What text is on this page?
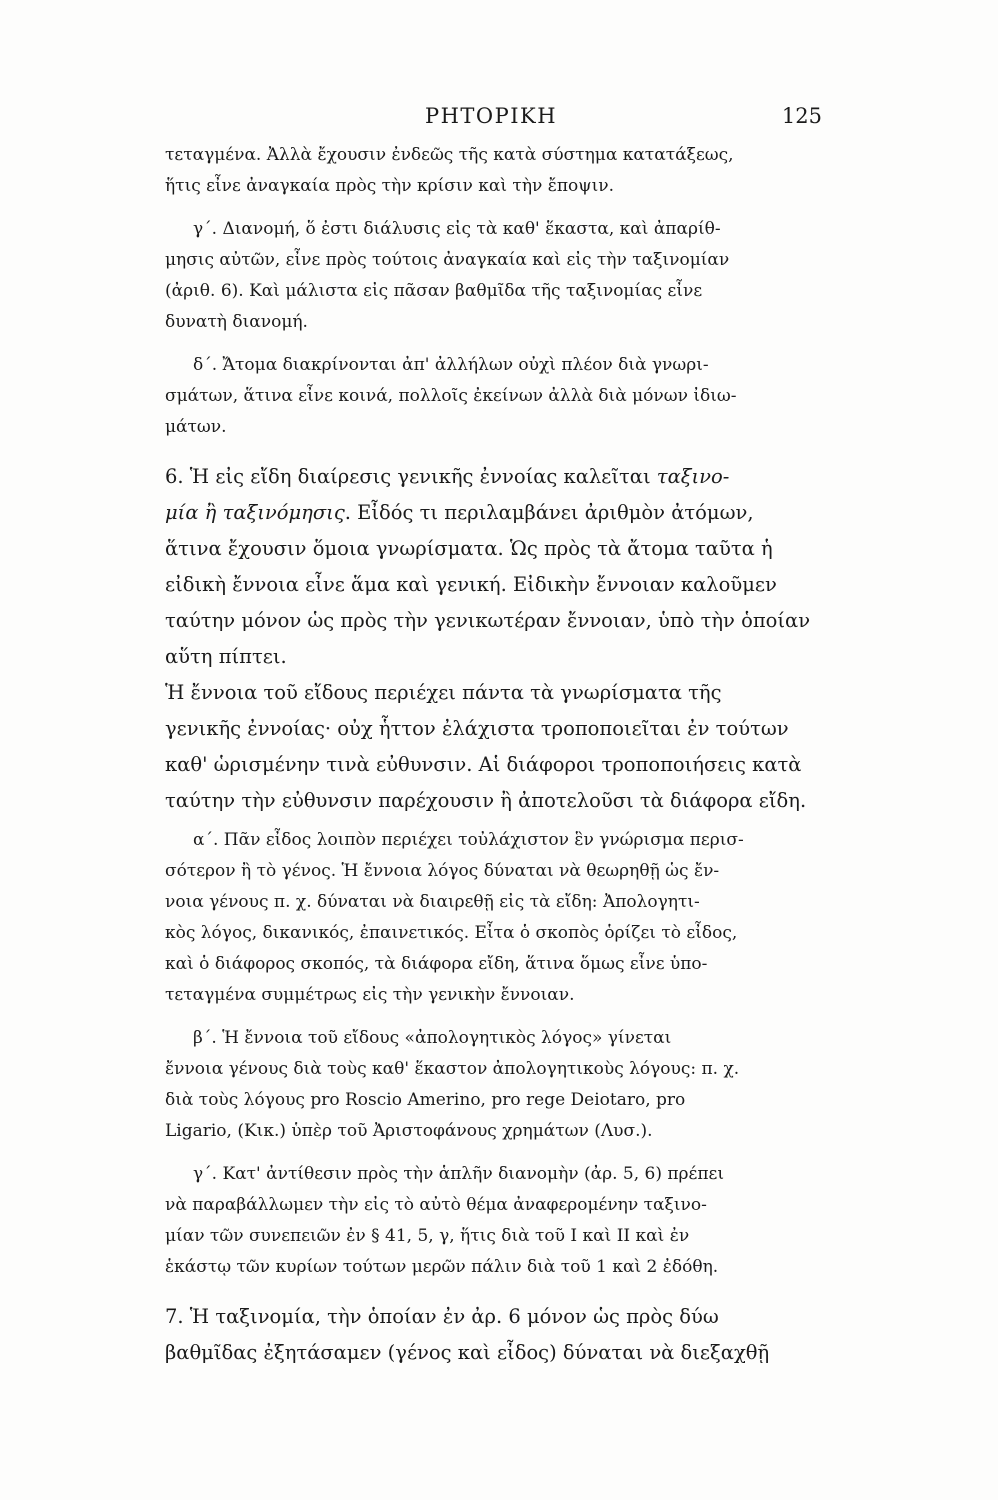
ΡΗΤΟΡΙΚΗ	125
τεταγμένα. Ἀλλὰ ἔχουσιν ἐνδεῶς τῆς κατὰ σύστημα κατατάξεως,
ἥτις εἶνε ἀναγκαία πρὸς τὴν κρίσιν καὶ τὴν ἔποψιν.
γ΄. Διανομή, ὅ ἐστι διάλυσις εἰς τὰ καθ' ἕκαστα, καὶ ἀπαρίθ-
μησις αὐτῶν, εἶνε πρὸς τούτοις ἀναγκαία καὶ εἰς τὴν ταξινομίαν
(ἀριθ. 6). Καὶ μάλιστα εἰς πᾶσαν βαθμῖδα τῆς ταξινομίας εἶνε
δυνατὴ διανομή.
δ΄. Ἄτομα διακρίνονται ἀπ' ἀλλήλων οὐχὶ πλέον διὰ γνωρι-
σμάτων, ἅτινα εἶνε κοινά, πολλοῖς ἐκείνων ἀλλὰ διὰ μόνων ἰδιω-
μάτων.
6. Ἡ εἰς εἴδη διαίρεσις γενικῆς ἐννοίας καλεῖται ταξινο-
μία ἢ ταξινόμησις. Εἶδός τι περιλαμβάνει ἀριθμὸν ἀτόμων,
ἅτινα ἔχουσιν ὅμοια γνωρίσματα. Ὡς πρὸς τὰ ἄτομα ταῦτα ἡ
εἰδικὴ ἔννοια εἶνε ἅμα καὶ γενική. Εἰδικὴν ἔννοιαν καλοῦμεν
ταύτην μόνον ὡς πρὸς τὴν γενικωτέραν ἔννοιαν, ὑπὸ τὴν ὁποίαν
αὕτη πίπτει.
Ἡ ἔννοια τοῦ εἴδους περιέχει πάντα τὰ γνωρίσματα τῆς
γενικῆς ἐννοίας· οὐχ ἧττον ἐλάχιστα τροποποιεῖται ἐν τούτων
καθ' ὡρισμένην τινὰ εὐθυνσιν. Αἱ διάφοροι τροποποιήσεις κατὰ
ταύτην τὴν εὐθυνσιν παρέχουσιν ἢ ἀποτελοῦσι τὰ διάφορα εἴδη.
α΄. Πᾶν εἶδος λοιπὸν περιέχει τοὐλάχιστον ἓν γνώρισμα περισ-
σότερον ἢ τὸ γένος. Ἡ ἔννοια λόγος δύναται νὰ θεωρηθῇ ὡς ἔν-
νοια γένους π. χ. δύναται νὰ διαιρεθῇ εἰς τὰ εἴδη: Ἀπολογητι-
κὸς λόγος, δικανικός, ἐπαινετικός. Εἶτα ὁ σκοπὸς ὁρίζει τὸ εἶδος,
καὶ ὁ διάφορος σκοπός, τὰ διάφορα εἴδη, ἅτινα ὅμως εἶνε ὑπο-
τεταγμένα συμμέτρως εἰς τὴν γενικὴν ἔννοιαν.
β΄. Ἡ ἔννοια τοῦ εἴδους «ἀπολογητικὸς λόγος» γίνεται
ἔννοια γένους διὰ τοὺς καθ' ἕκαστον ἀπολογητικοὺς λόγους: π. χ.
διὰ τοὺς λόγους pro Roscio Amerino, pro rege Deiotaro, pro
Ligario, (Κικ.) ὑπὲρ τοῦ Ἀριστοφάνους χρημάτων (Λυσ.).
γ΄. Κατ' ἀντίθεσιν πρὸς τὴν ἁπλῆν διανομὴν (ἀρ. 5, 6) πρέπει
νὰ παραβάλλωμεν τὴν εἰς τὸ αὐτὸ θέμα ἀναφερομένην ταξινο-
μίαν τῶν συνεπειῶν ἐν § 41, 5, γ, ἥτις διὰ τοῦ I καὶ II καὶ ἐν
ἑκάστῳ τῶν κυρίων τούτων μερῶν πάλιν διὰ τοῦ 1 καὶ 2 ἐδόθη.
7. Ἡ ταξινομία, τὴν ὁποίαν ἐν ἀρ. 6 μόνον ὡς πρὸς δύω
βαθμῖδας ἐξητάσαμεν (γένος καὶ εἶδος) δύναται νὰ διεξαχθῇ
